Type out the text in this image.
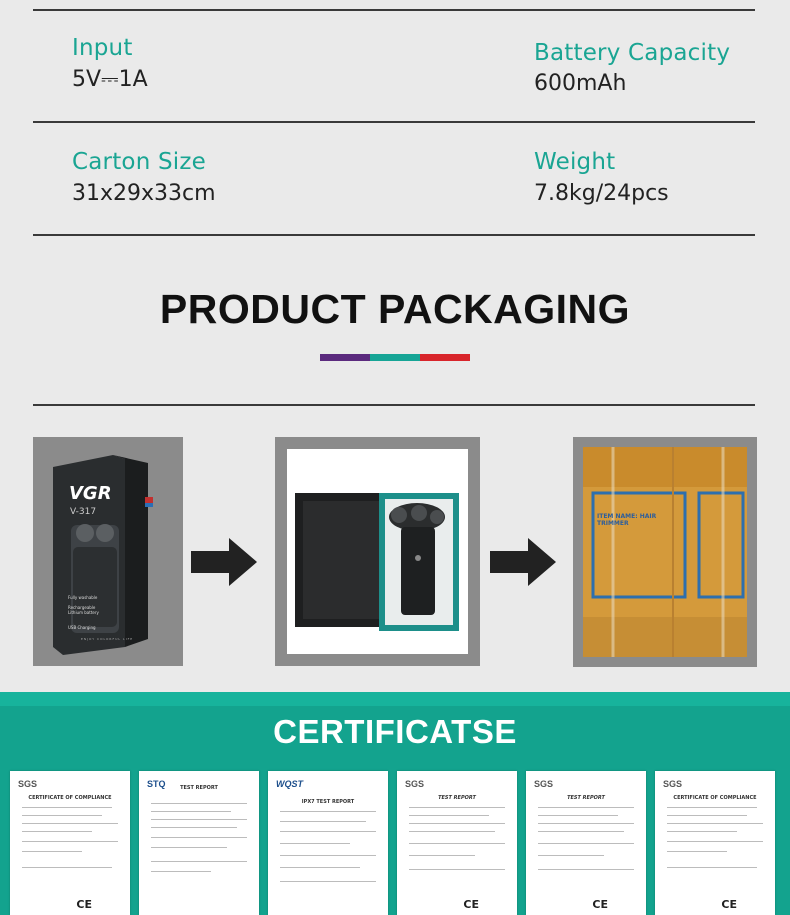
Input
5V⎓1A
Battery Capacity
600mAh
Carton Size
31x29x33cm
Weight
7.8kg/24pcs
PRODUCT PACKAGING
VGR
V-317
Fully washable
Rechargeable Lithium battery
USB Charging
ENJOY COLORFUL LIFE
ITEM NAME: HAIR TRIMMER
CERTIFICATSE
SGS
CERTIFICATE OF COMPLIANCE
CE
STQ	TEST REPORT	WQST
IPX7 TEST REPORT
SGS
TEST REPORT
CE
SGS
TEST REPORT
CE
SGS
CERTIFICATE OF COMPLIANCE
CE
